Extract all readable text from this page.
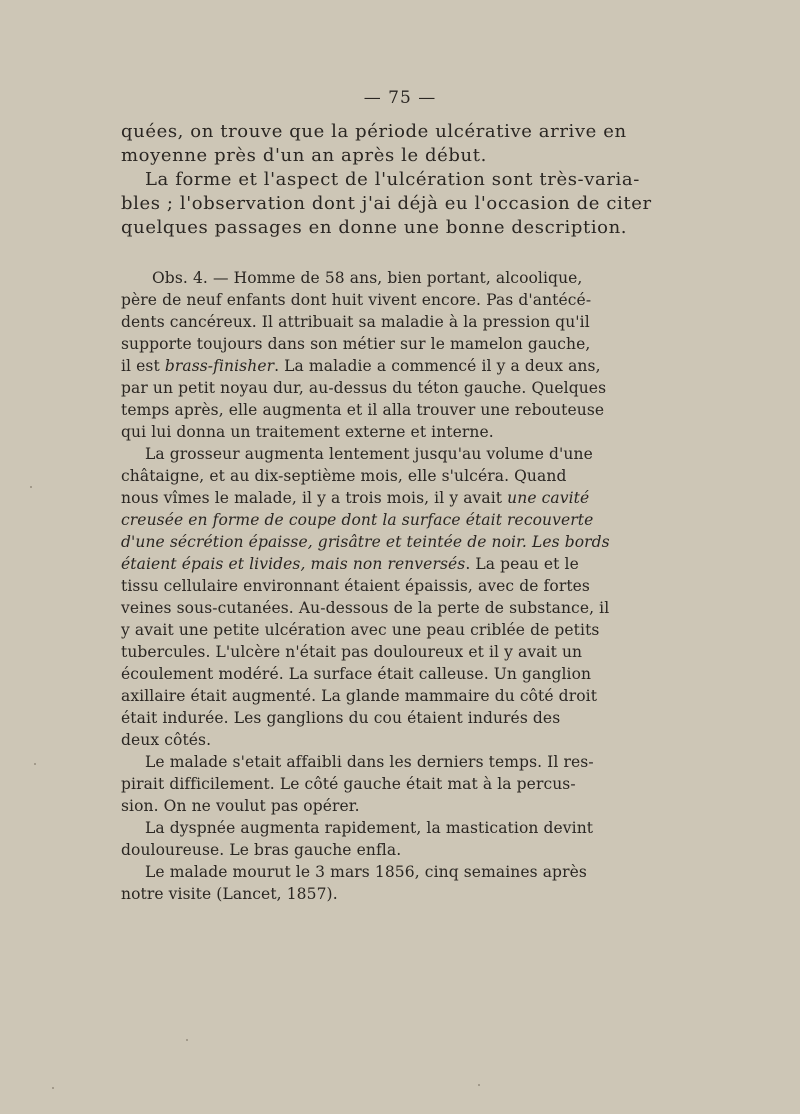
— 75 —
quées, on trouve que la période ulcérative arrive en
moyenne près d'un an après le début.
La forme et l'aspect de l'ulcération sont très-varia-
bles ; l'observation dont j'ai déjà eu l'occasion de citer
quelques passages en donne une bonne description.
Obs. 4. — Homme de 58 ans, bien portant, alcoolique,
père de neuf enfants dont huit vivent encore. Pas d'antécé-
dents cancéreux. Il attribuait sa maladie à la pression qu'il
supporte toujours dans son métier sur le mamelon gauche,
il est brass-finisher. La maladie a commencé il y a deux ans,
par un petit noyau dur, au-dessus du téton gauche. Quelques
temps après, elle augmenta et il alla trouver une rebouteuse
qui lui donna un traitement externe et interne.
La grosseur augmenta lentement jusqu'au volume d'une
châtaigne, et au dix-septième mois, elle s'ulcéra. Quand
nous vîmes le malade, il y a trois mois, il y avait une cavité
creusée en forme de coupe dont la surface était recouverte
d'une sécrétion épaisse, grisâtre et teintée de noir. Les bords
étaient épais et livides, mais non renversés. La peau et le
tissu cellulaire environnant étaient épaissis, avec de fortes
veines sous-cutanées. Au-dessous de la perte de substance, il
y avait une petite ulcération avec une peau criblée de petits
tubercules. L'ulcère n'était pas douloureux et il y avait un
écoulement modéré. La surface était calleuse. Un ganglion
axillaire était augmenté. La glande mammaire du côté droit
était indurée. Les ganglions du cou étaient indurés des
deux côtés.
Le malade s'etait affaibli dans les derniers temps. Il res-
pirait difficilement. Le côté gauche était mat à la percus-
sion. On ne voulut pas opérer.
La dyspnée augmenta rapidement, la mastication devint
douloureuse. Le bras gauche enfla.
Le malade mourut le 3 mars 1856, cinq semaines après
notre visite (Lancet, 1857).
